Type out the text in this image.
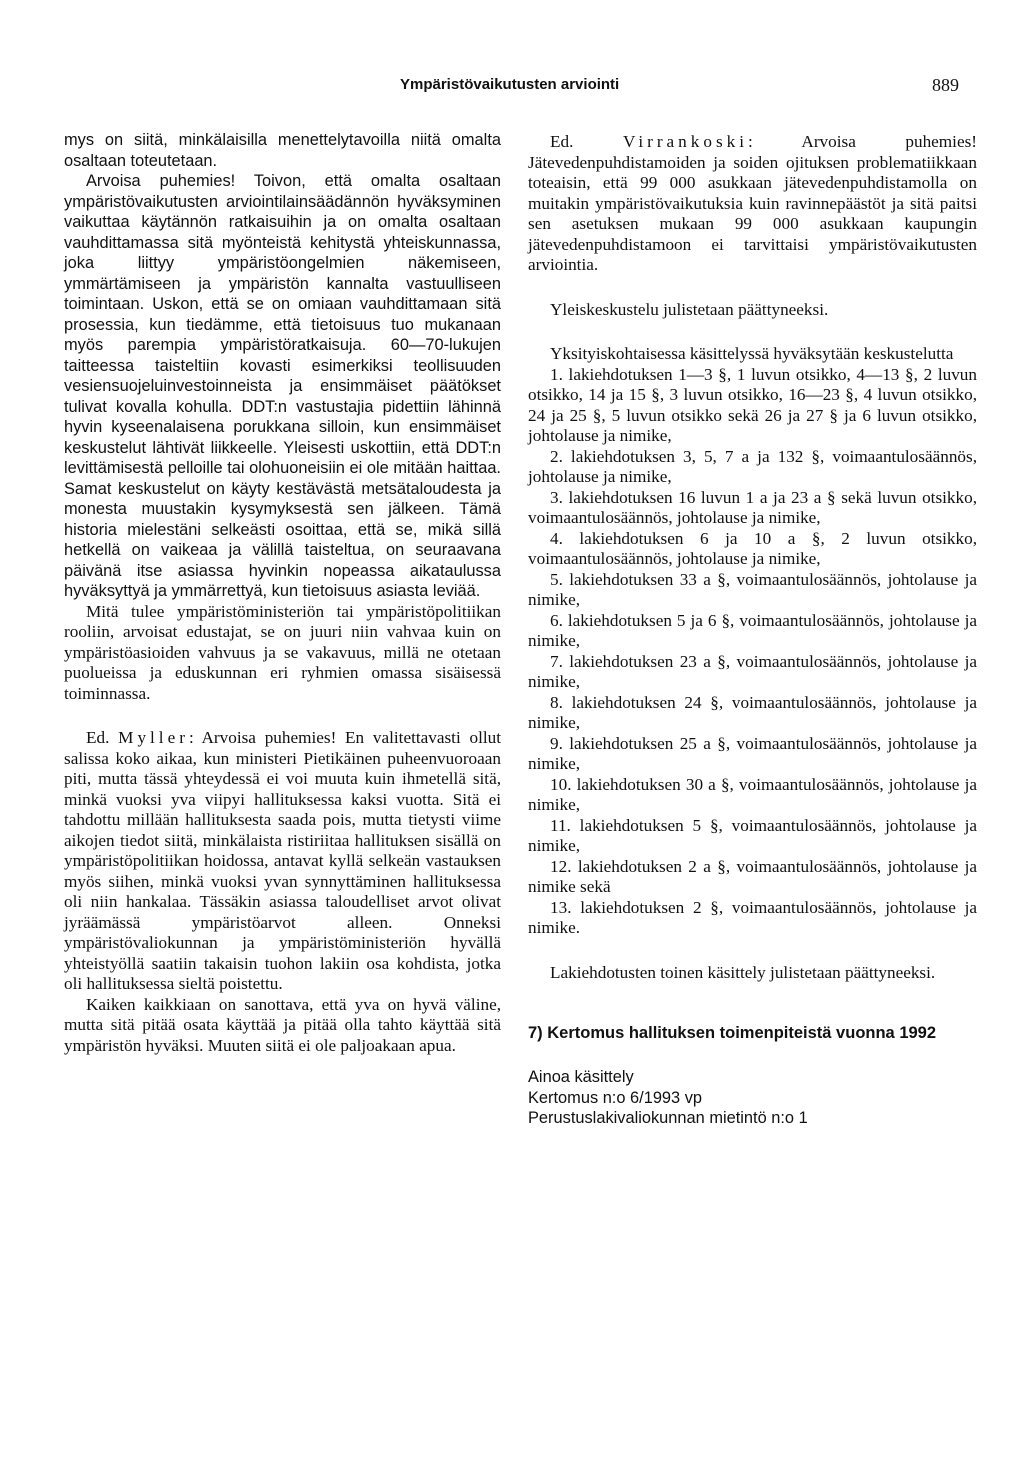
Ympäristövaikutusten arviointi	889

mys on siitä, minkälaisilla menettelytavoilla niitä omalta osaltaan toteutetaan.

Arvoisa puhemies! Toivon, että omalta osaltaan ympäristövaikutusten arviointilainsäädännön hyväksyminen vaikuttaa käytännön ratkaisuihin ja on omalta osaltaan vauhdittamassa sitä myönteistä kehitystä yhteiskunnassa, joka liittyy ympäristöongelmien näkemiseen, ymmärtämiseen ja ympäristön kannalta vastuulliseen toimintaan. Uskon, että se on omiaan vauhdittamaan sitä prosessia, kun tiedämme, että tietoisuus tuo mukanaan myös parempia ympäristöratkaisuja. 60—70-lukujen taitteessa taisteltiin kovasti esimerkiksi teollisuuden vesiensuojeluinvestoinneista ja ensimmäiset päätökset tulivat kovalla kohulla. DDT:n vastustajia pidettiin lähinnä hyvin kyseenalaisena porukkana silloin, kun ensimmäiset keskustelut lähtivät liikkeelle. Yleisesti uskottiin, että DDT:n levittämisestä pelloille tai olohuoneisiin ei ole mitään haittaa. Samat keskustelut on käyty kestävästä metsätaloudesta ja monesta muustakin kysymyksestä sen jälkeen. Tämä historia mielestäni selkeästi osoittaa, että se, mikä sillä hetkellä on vaikeaa ja välillä taisteltua, on seuraavana päivänä itse asiassa hyvinkin nopeassa aikataulussa hyväksyttyä ja ymmärrettyä, kun tietoisuus asiasta leviää.

Mitä tulee ympäristöministeriön tai ympäristöpolitiikan rooliin, arvoisat edustajat, se on juuri niin vahvaa kuin on ympäristöasioiden vahvuus ja se vakavuus, millä ne otetaan puolueissa ja eduskunnan eri ryhmien omassa sisäisessä toiminnassa.

Ed. Myller: Arvoisa puhemies! En valitettavasti ollut salissa koko aikaa, kun ministeri Pietikäinen puheenvuoroaan piti, mutta tässä yhteydessä ei voi muuta kuin ihmetellä sitä, minkä vuoksi yva viipyi hallituksessa kaksi vuotta. Sitä ei tahdottu millään hallituksesta saada pois, mutta tietysti viime aikojen tiedot siitä, minkälaista ristiriitaa hallituksen sisällä on ympäristöpolitiikan hoidossa, antavat kyllä selkeän vastauksen myös siihen, minkä vuoksi yvan synnyttäminen hallituksessa oli niin hankalaa. Tässäkin asiassa taloudelliset arvot olivat jyräämässä ympäristöarvot alleen. Onneksi ympäristövaliokunnan ja ympäristöministeriön hyvällä yhteistyöllä saatiin takaisin tuohon lakiin osa kohdista, jotka oli hallituksessa sieltä poistettu.

Kaiken kaikkiaan on sanottava, että yva on hyvä väline, mutta sitä pitää osata käyttää ja pitää olla tahto käyttää sitä ympäristön hyväksi. Muuten siitä ei ole paljoakaan apua.

Ed.	Virrankoski: Arvoisa puhemies! Jätevedenpuhdistamoiden ja soiden ojituksen problematiikkaan toteaisin, että 99 000 asukkaan jätevedenpuhdistamolla on muitakin ympäristövaikutuksia kuin ravinnepäästöt ja sitä paitsi sen asetuksen mukaan 99 000 asukkaan kaupungin jätevedenpuhdistamoon ei tarvittaisi ympäristövaikutusten arviointia.

Yleiskeskustelu julistetaan päättyneeksi.

Yksityiskohtaisessa käsittelyssä hyväksytään keskustelutta

1. lakiehdotuksen 1—3 §, 1 luvun otsikko, 4—13 §, 2 luvun otsikko, 14 ja 15 §, 3 luvun otsikko, 16—23 §, 4 luvun otsikko, 24 ja 25 §, 5 luvun otsikko sekä 26 ja 27 § ja 6 luvun otsikko, johtolause ja nimike,

2. lakiehdotuksen 3, 5, 7 a ja 132 §, voimaantulosäännös, johtolause ja nimike,

3. lakiehdotuksen 16 luvun 1 a ja 23 a § sekä luvun otsikko, voimaantulosäännös, johtolause ja nimike,

4. lakiehdotuksen 6 ja 10 a §, 2 luvun otsikko, voimaantulosäännös, johtolause ja nimike,

5. lakiehdotuksen 33 a §, voimaantulosäännös, johtolause ja nimike,

6. lakiehdotuksen 5 ja 6 §, voimaantulosäännös, johtolause ja nimike,

7. lakiehdotuksen 23 a §, voimaantulosäännös, johtolause ja nimike,

8. lakiehdotuksen 24 §, voimaantulosäännös, johtolause ja nimike,

9. lakiehdotuksen 25 a §, voimaantulosäännös, johtolause ja nimike,

10. lakiehdotuksen 30 a §, voimaantulosäännös, johtolause ja nimike,

11. lakiehdotuksen 5 §, voimaantulosäännös, johtolause ja nimike,

12. lakiehdotuksen 2 a §, voimaantulosäännös, johtolause ja nimike sekä

13. lakiehdotuksen 2 §, voimaantulosäännös, johtolause ja nimike.

Lakiehdotusten toinen käsittely julistetaan päättyneeksi.

7) Kertomus hallituksen toimenpiteistä vuonna 1992

Ainoa käsittely

Kertomus n:o 6/1993 vp

Perustuslakivaliokunnan mietintö n:o 1
